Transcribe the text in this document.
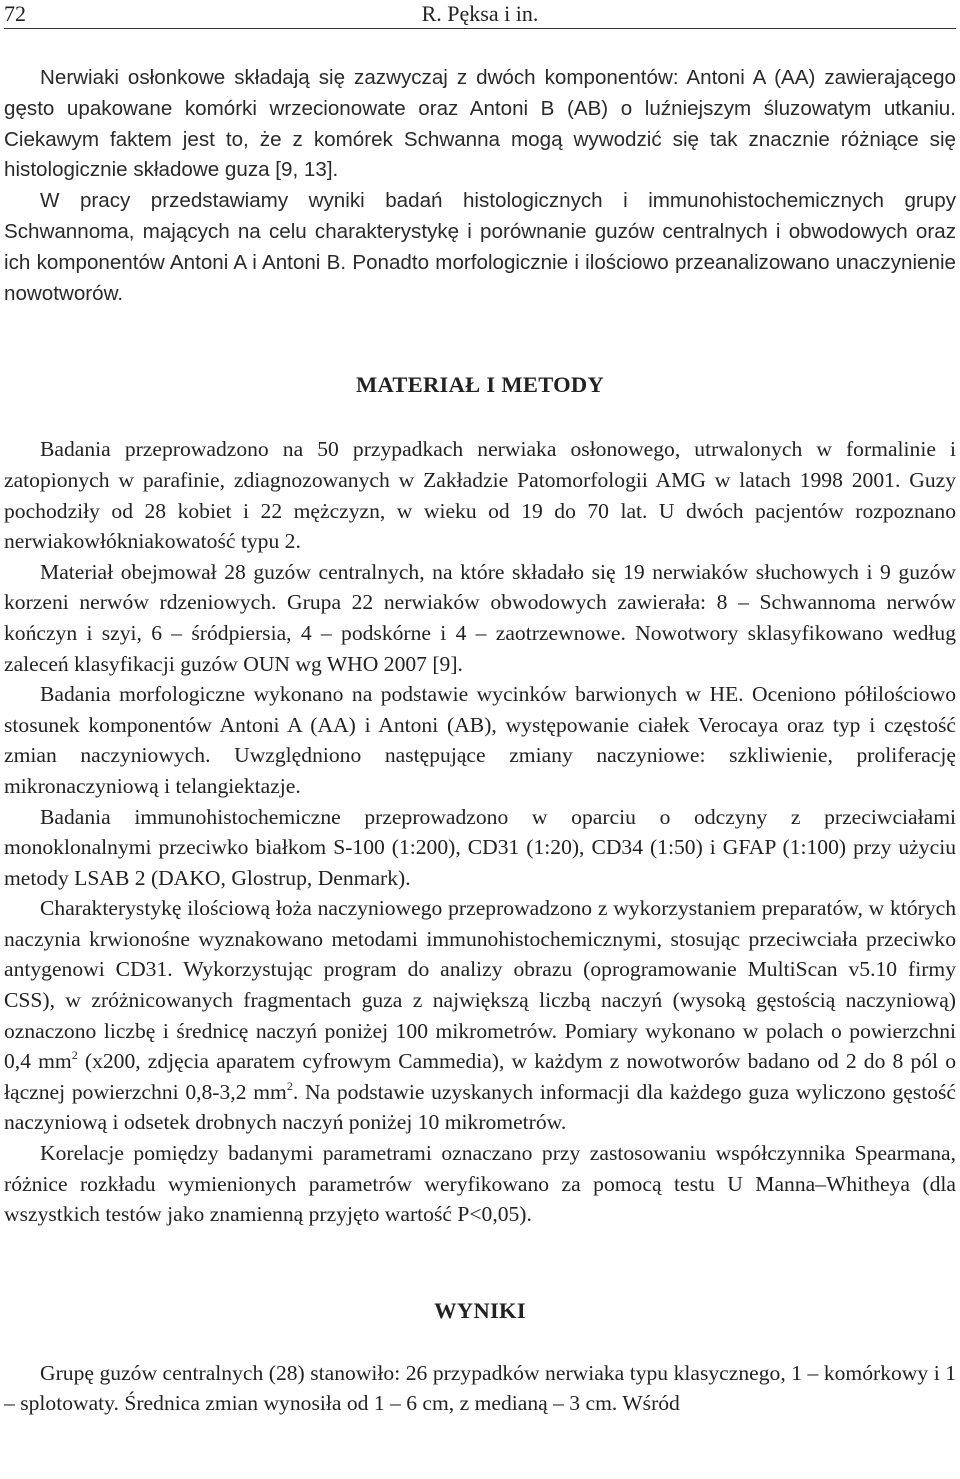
72	R. Pęksa i in.

Nerwiaki osłonkowe składają się zazwyczaj z dwóch komponentów: Antoni A (AA) zawierającego gęsto upakowane komórki wrzecionowate oraz Antoni B (AB) o luźniejszym śluzowatym utkaniu. Ciekawym faktem jest to, że z komórek Schwanna mogą wywodzić się tak znacznie różniące się histologicznie składowe guza [9, 13].

W pracy przedstawiamy wyniki badań histologicznych i immunohistochemicznych grupy Schwannoma, mających na celu charakterystykę i porównanie guzów centralnych i obwodowych oraz ich komponentów Antoni A i Antoni B. Ponadto morfologicznie i ilościowo przeanalizowano unaczynienie nowotworów.

MATERIAŁ I METODY

Badania przeprowadzono na 50 przypadkach nerwiaka osłonowego, utrwalonych w formalinie i zatopionych w parafinie, zdiagnozowanych w Zakładzie Patomorfologii AMG w latach 1998 2001. Guzy pochodziły od 28 kobiet i 22 mężczyzn, w wieku od 19 do 70 lat. U dwóch pacjentów rozpoznano nerwiakowłókniakowatość typu 2.

Materiał obejmował 28 guzów centralnych, na które składało się 19 nerwiaków słuchowych i 9 guzów korzeni nerwów rdzeniowych. Grupa 22 nerwiaków obwodowych zawierała: 8 – Schwannoma nerwów kończyn i szyi, 6 – śródpiersia, 4 – podskórne i 4 – zaotrzewnowe. Nowotwory sklasyfikowano według zaleceń klasyfikacji guzów OUN wg WHO 2007 [9].

Badania morfologiczne wykonano na podstawie wycinków barwionych w HE. Oceniono półilościowo stosunek komponentów Antoni A (AA) i Antoni (AB), występowanie ciałek Verocaya oraz typ i częstość zmian naczyniowych. Uwzględniono następujące zmiany naczyniowe: szkliwienie, proliferację mikronaczyniową i telangiektazje.

Badania immunohistochemiczne przeprowadzono w oparciu o odczyny z przeciwciałami monoklonalnymi przeciwko białkom S-100 (1:200), CD31 (1:20), CD34 (1:50) i GFAP (1:100) przy użyciu metody LSAB 2 (DAKO, Glostrup, Denmark).

Charakterystykę ilościową łoża naczyniowego przeprowadzono z wykorzystaniem preparatów, w których naczynia krwionośne wyznakowano metodami immunohistochemicznymi, stosując przeciwciała przeciwko antygenowi CD31. Wykorzystując program do analizy obrazu (oprogramowanie MultiScan v5.10 firmy CSS), w zróżnicowanych fragmentach guza z największą liczbą naczyń (wysoką gęstością naczyniową) oznaczono liczbę i średnicę naczyń poniżej 100 mikrometrów. Pomiary wykonano w polach o powierzchni 0,4 $mm^2$ (x200, zdjęcia aparatem cyfrowym Cammedia), w każdym z nowotworów badano od 2 do 8 pól o łącznej powierzchni 0,8-3,2 $mm^2$. Na podstawie uzyskanych informacji dla każdego guza wyliczono gęstość naczyniową i odsetek drobnych naczyń poniżej 10 mikrometrów.

Korelacje pomiędzy badanymi parametrami oznaczano przy zastosowaniu współczynnika Spearmana, różnice rozkładu wymienionych parametrów weryfikowano za pomocą testu U Manna–Whitheya (dla wszystkich testów jako znamienną przyjęto wartość P<0,05).

WYNIKI

Grupę guzów centralnych (28) stanowiło: 26 przypadków nerwiaka typu klasycznego, 1 – komórkowy i 1 – splotowaty. Średnica zmian wynosiła od 1 – 6 cm, z medianą – 3 cm. Wśród
